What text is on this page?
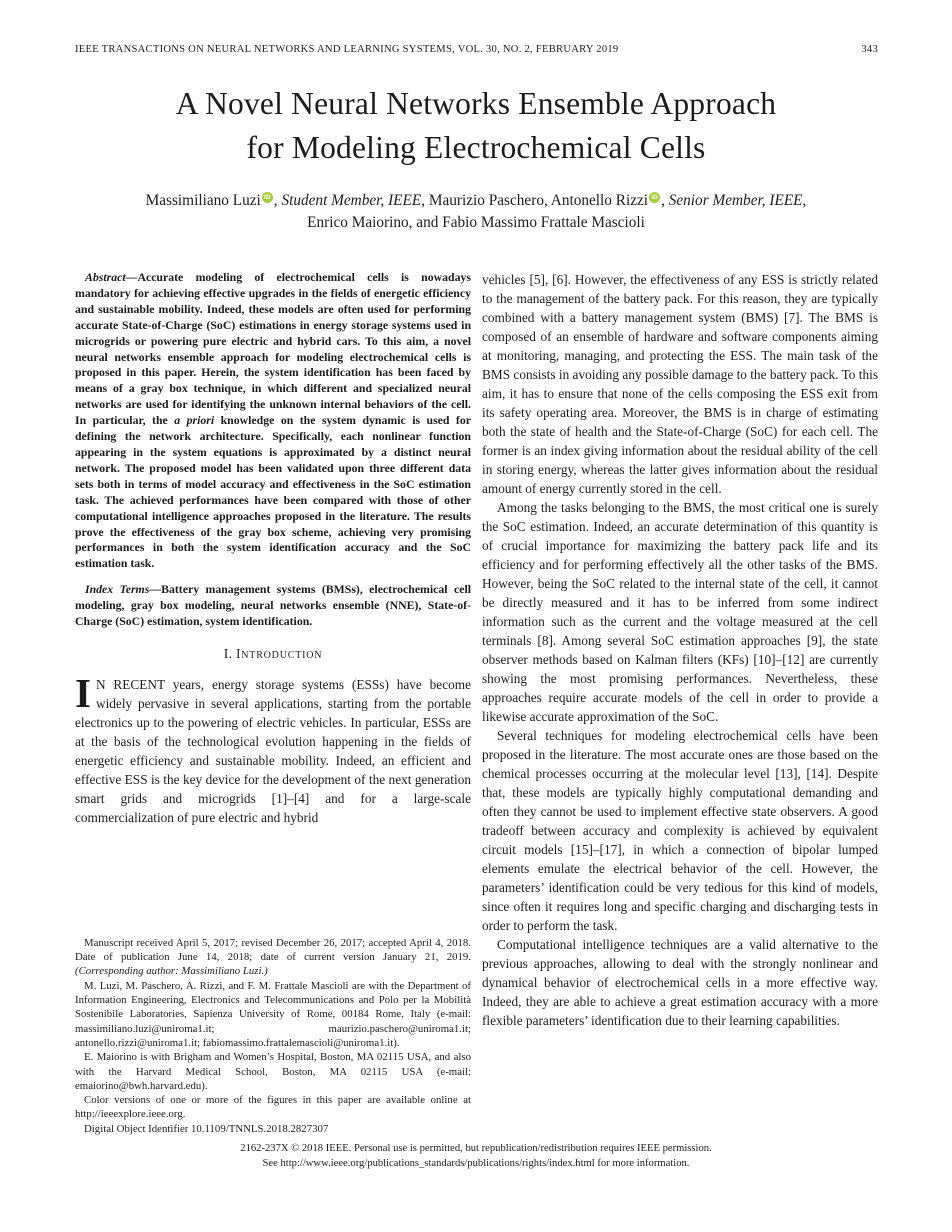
IEEE TRANSACTIONS ON NEURAL NETWORKS AND LEARNING SYSTEMS, VOL. 30, NO. 2, FEBRUARY 2019	343
A Novel Neural Networks Ensemble Approach
for Modeling Electrochemical Cells
Massimiliano Luzi iD , Student Member, IEEE, Maurizio Paschero, Antonello Rizzi iD , Senior Member, IEEE,
Enrico Maiorino, and Fabio Massimo Frattale Mascioli

Abstract—Accurate modeling of electrochemical cells is nowadays mandatory for achieving effective upgrades in the fields of energetic efficiency and sustainable mobility. Indeed, these models are often used for performing accurate State-of-Charge (SoC) estimations in energy storage systems used in microgrids or powering pure electric and hybrid cars. To this aim, a novel neural networks ensemble approach for modeling electrochemical cells is proposed in this paper. Herein, the system identification has been faced by means of a gray box technique, in which different and specialized neural networks are used for identifying the unknown internal behaviors of the cell. In particular, the a priori knowledge on the system dynamic is used for defining the network architecture. Specifically, each nonlinear function appearing in the system equations is approximated by a distinct neural network. The proposed model has been validated upon three different data sets both in terms of model accuracy and effectiveness in the SoC estimation task. The achieved performances have been compared with those of other computational intelligence approaches proposed in the literature. The results prove the effectiveness of the gray box scheme, achieving very promising performances in both the system identification accuracy and the SoC estimation task.

Index Terms—Battery management systems (BMSs), electrochemical cell modeling, gray box modeling, neural networks ensemble (NNE), State-of-Charge (SoC) estimation, system identification.

I. Introduction

I N RECENT years, energy storage systems (ESSs) have become widely pervasive in several applications, starting from the portable electronics up to the powering of electric vehicles. In particular, ESSs are at the basis of the technological evolution happening in the fields of energetic efficiency and sustainable mobility. Indeed, an efficient and effective ESS is the key device for the development of the next generation smart grids and microgrids [1]–[4] and for a large-scale commercialization of pure electric and hybrid

Manuscript received April 5, 2017; revised December 26, 2017; accepted April 4, 2018. Date of publication June 14, 2018; date of current version January 21, 2019. (Corresponding author: Massimiliano Luzi.)

M. Luzi, M. Paschero, A. Rizzi, and F. M. Frattale Mascioli are with the Department of Information Engineering, Electronics and Telecommunications and Polo per la Mobilità Sostenibile Laboratories, Sapienza University of Rome, 00184 Rome, Italy (e-mail: massimiliano.luzi@uniroma1.it; maurizio.paschero@uniroma1.it; antonello.rizzi@uniroma1.it; fabiomassimo.frattalemascioli@uniroma1.it).

E. Maiorino is with Brigham and Women’s Hospital, Boston, MA 02115 USA, and also with the Harvard Medical School, Boston, MA 02115 USA (e-mail: emaiorino@bwh.harvard.edu).

Color versions of one or more of the figures in this paper are available online at http://ieeexplore.ieee.org.

Digital Object Identifier 10.1109/TNNLS.2018.2827307

vehicles [5], [6]. However, the effectiveness of any ESS is strictly related to the management of the battery pack. For this reason, they are typically combined with a battery management system (BMS) [7]. The BMS is composed of an ensemble of hardware and software components aiming at monitoring, managing, and protecting the ESS. The main task of the BMS consists in avoiding any possible damage to the battery pack. To this aim, it has to ensure that none of the cells composing the ESS exit from its safety operating area. Moreover, the BMS is in charge of estimating both the state of health and the State-of-Charge (SoC) for each cell. The former is an index giving information about the residual ability of the cell in storing energy, whereas the latter gives information about the residual amount of energy currently stored in the cell.

Among the tasks belonging to the BMS, the most critical one is surely the SoC estimation. Indeed, an accurate determination of this quantity is of crucial importance for maximizing the battery pack life and its efficiency and for performing effectively all the other tasks of the BMS. However, being the SoC related to the internal state of the cell, it cannot be directly measured and it has to be inferred from some indirect information such as the current and the voltage measured at the cell terminals [8]. Among several SoC estimation approaches [9], the state observer methods based on Kalman filters (KFs) [10]–[12] are currently showing the most promising performances. Nevertheless, these approaches require accurate models of the cell in order to provide a likewise accurate approximation of the SoC.

Several techniques for modeling electrochemical cells have been proposed in the literature. The most accurate ones are those based on the chemical processes occurring at the molecular level [13], [14]. Despite that, these models are typically highly computational demanding and often they cannot be used to implement effective state observers. A good tradeoff between accuracy and complexity is achieved by equivalent circuit models [15]–[17], in which a connection of bipolar lumped elements emulate the electrical behavior of the cell. However, the parameters’ identification could be very tedious for this kind of models, since often it requires long and specific charging and discharging tests in order to perform the task.

Computational intelligence techniques are a valid alternative to the previous approaches, allowing to deal with the strongly nonlinear and dynamical behavior of electrochemical cells in a more effective way. Indeed, they are able to achieve a great estimation accuracy with a more flexible parameters’ identification due to their learning capabilities.

2162-237X © 2018 IEEE. Personal use is permitted, but republication/redistribution requires IEEE permission.
See http://www.ieee.org/publications_standards/publications/rights/index.html for more information.
